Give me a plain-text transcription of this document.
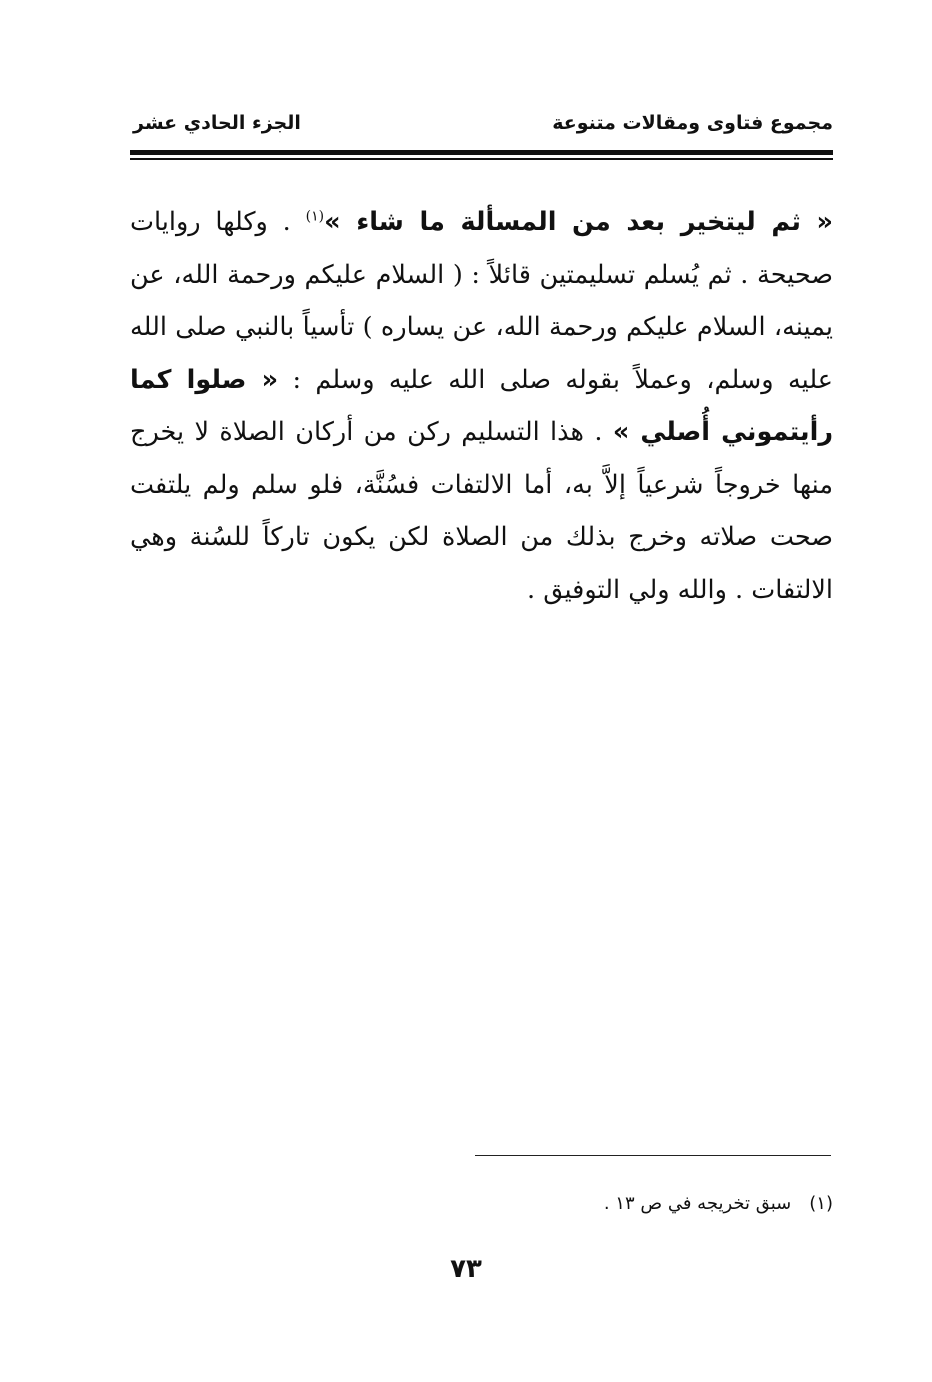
مجموع فتاوى ومقالات متنوعة
الجزء الحادي عشر
« ثم ليتخير بعد من المسألة ما شاء »$^{(١)}$ . وكلها روايات صحيحة . ثم يُسلم تسليمتين قائلاً : ( السلام عليكم ورحمة الله، عن يمينه، السلام عليكم ورحمة الله، عن يساره ) تأسياً بالنبي صلى الله عليه وسلم، وعملاً بقوله صلى الله عليه وسلم : « صلوا كما رأيتموني أُصلي » . هذا التسليم ركن من أركان الصلاة لا يخرج منها خروجاً شرعياً إلاَّ به، أما الالتفات فسُنَّة، فلو سلم ولم يلتفت صحت صلاته وخرج بذلك من الصلاة لكن يكون تاركاً للسُنة وهي الالتفات . والله ولي التوفيق .
(١)سبق تخريجه في ص ١٣ .
٧٣
